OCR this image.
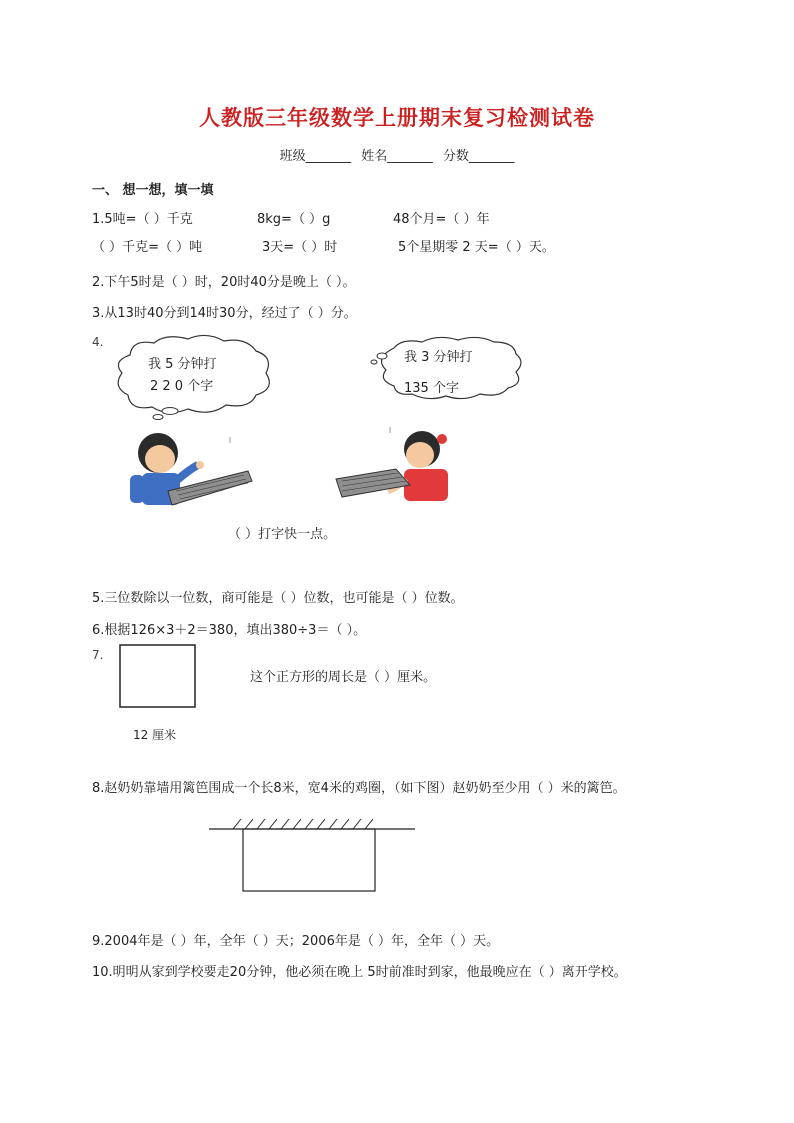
人教版三年级数学上册期末复习检测试卷
班级_______ 姓名_______ 分数_______
一、 想一想，填一填
1.5吨=（ ）千克	8kg=（ ）g	48个月=（ ）年
（ ）千克=（ ）吨	3天=（ ）时	5个星期零 2 天=（ ）天。
2.下午5时是（ ）时，20时40分是晚上（ ）。
3.从13时40分到14时30分，经过了（ ）分。
4.
我 5 分钟打
2 2 0 个字
我 3 分钟打
135 个字
（ ）打字快一点。
5.三位数除以一位数，商可能是（ ）位数，也可能是（ ）位数。
6.根据126×3＋2＝380，填出380÷3＝（ ）。
7.
这个正方形的周长是（ ）厘米。
12 厘米
8.赵奶奶靠墙用篱笆围成一个长8米，宽4米的鸡圈，（如下图）赵奶奶至少用（ ）米的篱笆。
9.2004年是（ ）年，全年（ ）天；2006年是（ ）年，全年（ ）天。
10.明明从家到学校要走20分钟，他必须在晚上 5时前准时到家，他最晚应在（ ）离开学校。
